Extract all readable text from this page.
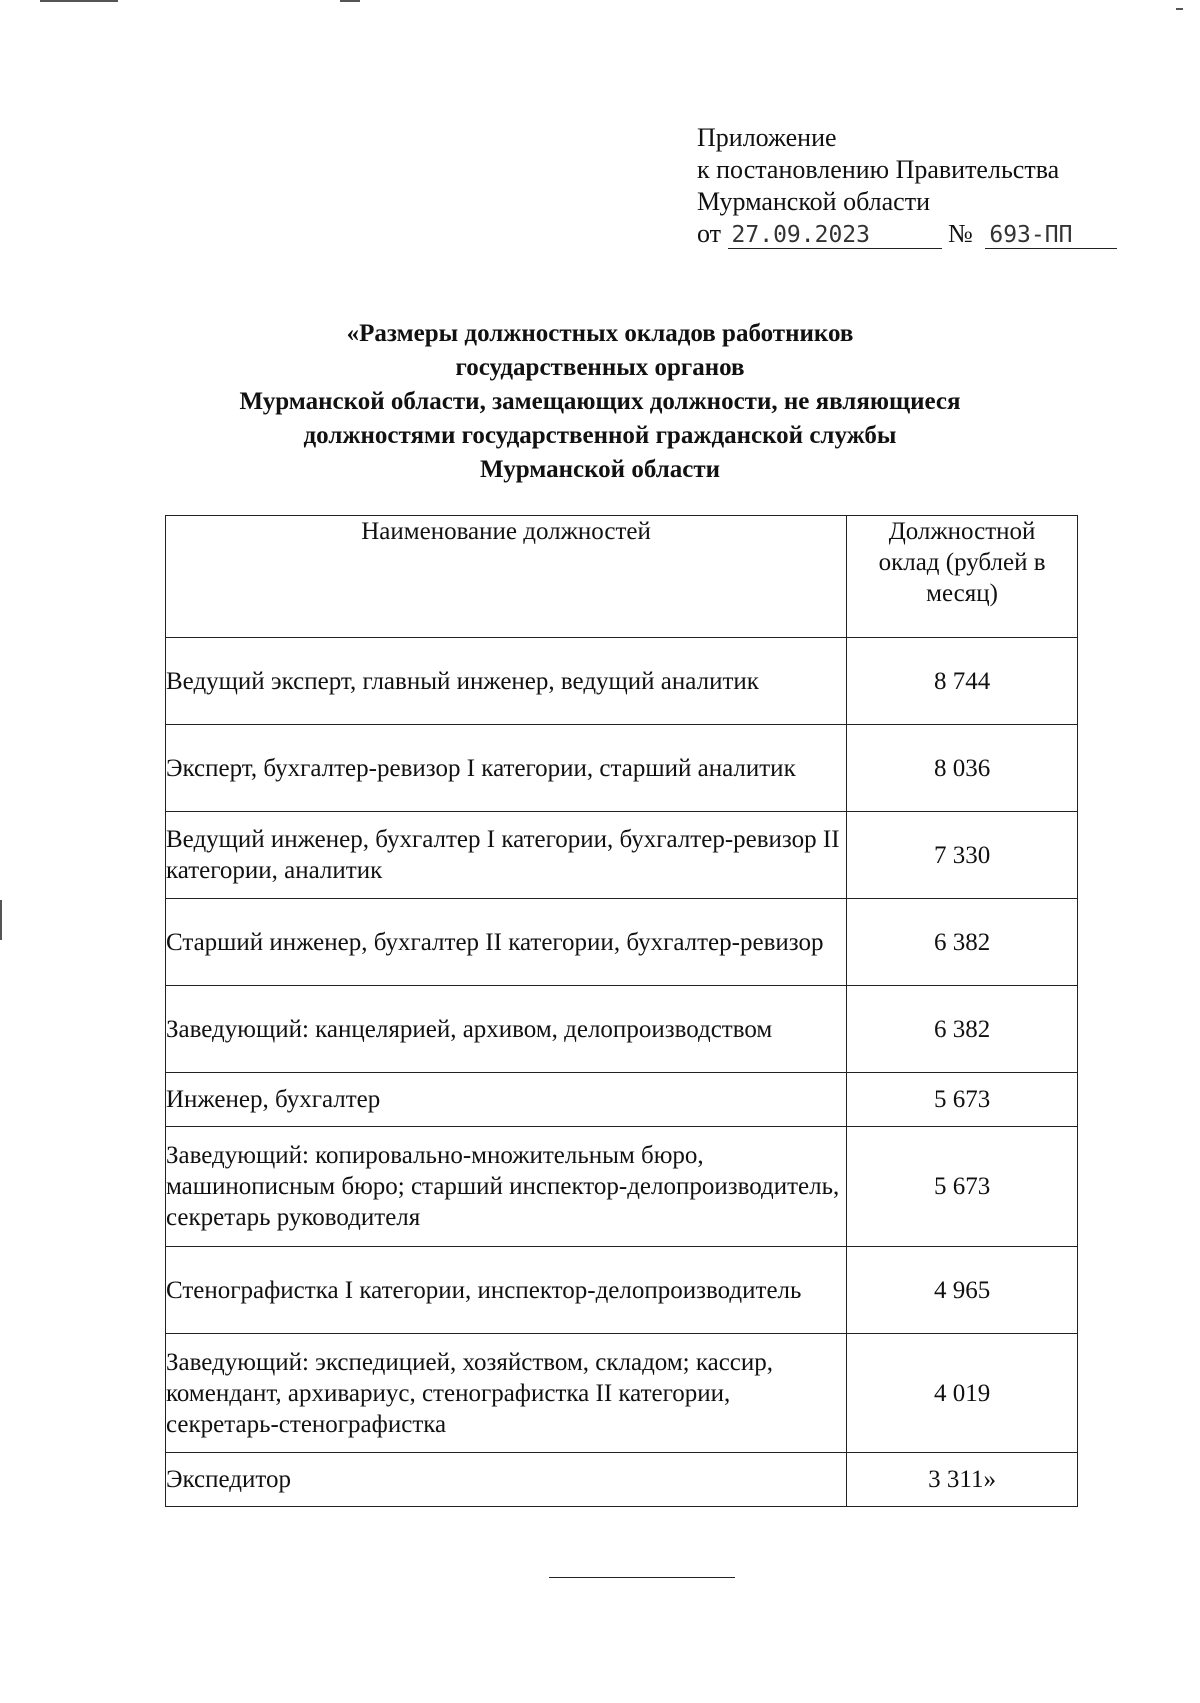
Приложение
к постановлению Правительства
Мурманской области
от 27.09.2023	№ 693-ПП
«Размеры должностных окладов работников
государственных органов
Мурманской области, замещающих должности, не являющиеся
должностями государственной гражданской службы
Мурманской области
Наименование должностей	Должностной
оклад (рублей в
месяц)

Ведущий эксперт, главный инженер, ведущий аналитик	8 744
Эксперт, бухгалтер-ревизор I категории, старший аналитик	8 036
Ведущий инженер, бухгалтер I категории, бухгалтер-ревизор II категории, аналитик	7 330
Старший инженер, бухгалтер II категории, бухгалтер-ревизор	6 382
Заведующий: канцелярией, архивом, делопроизводством	6 382
Инженер, бухгалтер	5 673
Заведующий: копировально-множительным бюро, машинописным бюро; старший инспектор-делопроизводитель, секретарь руководителя	5 673
Стенографистка I категории, инспектор-делопроизводитель	4 965
Заведующий: экспедицией, хозяйством, складом; кассир, комендант, архивариус, стенографистка II категории, секретарь-стенографистка	4 019
Экспедитор	3 311»
